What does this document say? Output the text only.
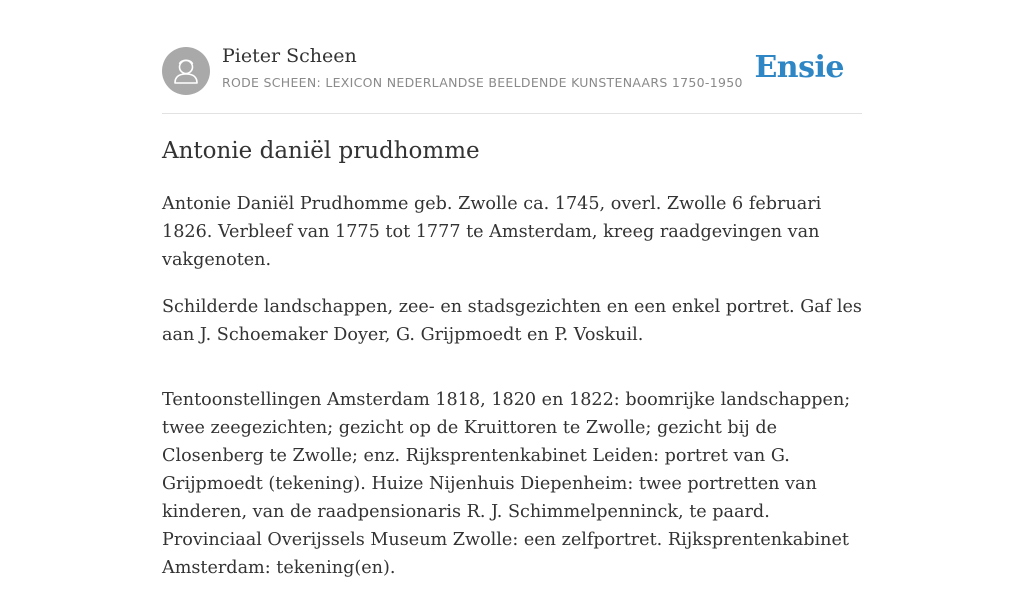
Pieter Scheen
RODE SCHEEN: LEXICON NEDERLANDSE BEELDENDE KUNSTENAARS 1750-1950 Ensie
Antonie daniël prudhomme

Antonie Daniël Prudhomme geb. Zwolle ca. 1745, overl. Zwolle 6 februari 1826. Verbleef van 1775 tot 1777 te Amsterdam, kreeg raadgevingen van vakgenoten.

Schilderde landschappen, zee- en stadsgezichten en een enkel portret. Gaf les aan J. Schoemaker Doyer, G. Grijpmoedt en P. Voskuil.

Tentoonstellingen Amsterdam 1818, 1820 en 1822: boomrijke landschappen; twee zeegezichten; gezicht op de Kruittoren te Zwolle; gezicht bij de Closenberg te Zwolle; enz. Rijksprentenkabinet Leiden: portret van G. Grijpmoedt (tekening). Huize Nijenhuis Diepenheim: twee portretten van kinderen, van de raadpensionaris R. J. Schimmelpenninck, te paard. Provinciaal Overijssels Museum Zwolle: een zelfportret. Rijksprentenkabinet Amsterdam: tekening(en).
